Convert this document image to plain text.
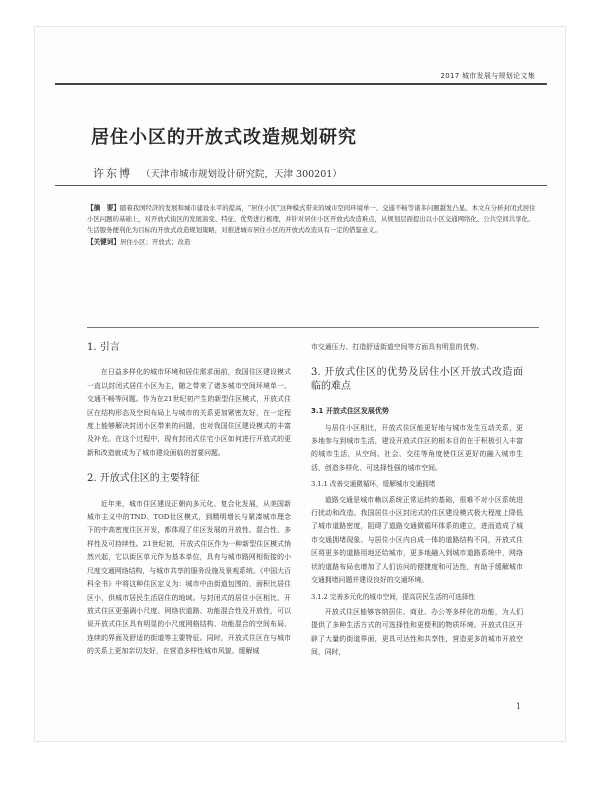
2017 城市发展与规划论文集
居住小区的开放式改造规划研究
许东博 （天津市城市规划设计研究院，天津 300201）
【摘　要】随着我国经济的发展和城市建设水平的提高，“居住小区”这种模式带来的城市空间环境单一、交通不畅等诸多问题越发凸显。本文在分析封闭式居住小区问题的基础上，对开放式街区的发展演变、特征、优势进行梳理，并针对居住小区开放式改造难点，从规划层面提出以小区交通网络化、公共空间共享化、生活服务便利化为目标的开放式改造规划策略，对推进城市居住小区的开放式改造具有一定的借鉴意义。
【关键词】居住小区；开放式；改造
1. 引言

在日益多样化的城市环境和居住需求面前，我国住区建设模式一直以封闭式居住小区为主，随之带来了诸多城市空间环境单一、交通不畅等问题。作为在21世纪初产生的新型住区模式，开放式住区在结构形态及空间布局上与城市的关系更加紧密友好，在一定程度上能够解决封闭小区带来的问题，也对我国住区建设模式的丰富及补充。在这个过程中，现有封闭式住宅小区如何进行开放式的更新和改造就成为了城市建设面临的首要问题。

2. 开放式住区的主要特征

近年来，城市住区建设正朝向多元化、复合化发展，从美国新城市主义中的TND、TOD社区模式，到精明增长与紧凑城市理念下的中高密度住区开发，都体现了住区发展的开放性、混合性、多样性及可持续性。21世纪初，开放式住区作为一种新型住区模式悄然兴起，它以街区单元作为基本单位，具有与城市路网相衔接的小尺度交通网络结构，与城市共享的服务设施及景观系统。《中国大百科全书》中将这种住区定义为：城市中由街道包围的，面积比居住区小，供城市居民生活居住的地域。与封闭式的居住小区相比，开放式住区更强调小尺度、网络状道路、功能混合性及开放性，可以说开放式住区具有明显的小尺度网格结构、功能混合的空间布局、连续的界面及舒适的街道等主要特征。同时，开放式住区在与城市的关系上更加亲切友好，在营造多样性城市风貌、缓解城

市交通压力、打造舒适街道空间等方面具有明显的优势。

3. 开放式住区的优势及居住小区开放式改造面临的难点
3.1 开放式住区发展优势

与居住小区相比，开放式住区能更好地与城市发生互动关系，更多地参与到城市生活，建设开放式住区的根本目的在于积极引入丰富的城市生活，从空间、社会、交往等角度使住区更好的融入城市生活，创造多样化、可选择性强的城市空间。

3.1.1 改善交通微循环，缓解城市交通拥堵

道路交通是城市赖以系统正常运转的基础，很难不对小区系统进行扰动和改造。我国居住小区封闭式的住区建设模式极大程度上降低了城市道路密度，阻碍了道路交通微循环体系的建立，进而造成了城市交通拥堵现象。与居住小区内自成一体的道路结构不同，开放式住区将更多的道路用地还给城市，更多地融入到城市道路系统中，网络状的道路布局也增加了人们访问的便捷度和可达性，有助于缓解城市交通拥堵问题并建设良好的交通环境。

3.1.2 完善多元化的城市空间，提高居民生活的可选择性

开放式住区能够容纳居住、商业、办公等多样化的功能，为人们提供了多种生活方式的可选择性和更便利的物质环境。开放式住区开辟了大量的街道界面，更具可达性和共享性，营造更多的城市开放空间，同时，

1
